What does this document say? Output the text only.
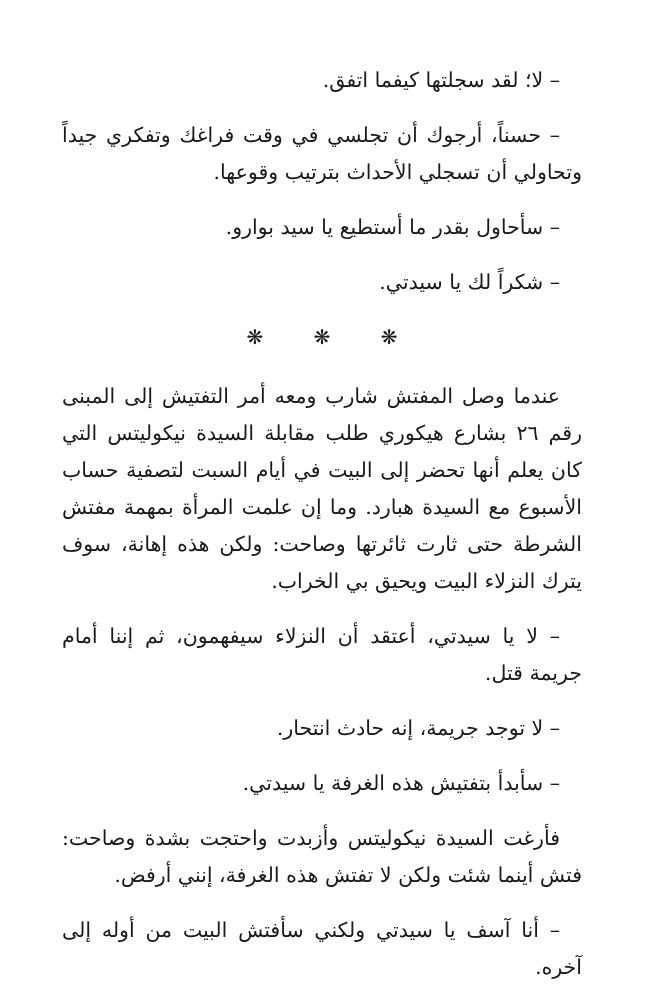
– لا؛ لقد سجلتها كيفما اتفق.

– حسناً، أرجوك أن تجلسي في وقت فراغك وتفكري جيداً وتحاولي أن تسجلي الأحداث بترتيب وقوعها.

– سأحاول بقدر ما أستطيع يا سيد بوارو.

– شكراً لك يا سيدتي.

❋ ❋ ❋

عندما وصل المفتش شارب ومعه أمر التفتيش إلى المبنى رقم ٢٦ بشارع هيكوري طلب مقابلة السيدة نيكوليتس التي كان يعلم أنها تحضر إلى البيت في أيام السبت لتصفية حساب الأسبوع مع السيدة هبارد. وما إن علمت المرأة بمهمة مفتش الشرطة حتى ثارت ثائرتها وصاحت: ولكن هذه إهانة، سوف يترك النزلاء البيت ويحيق بي الخراب.

– لا يا سيدتي، أعتقد أن النزلاء سيفهمون، ثم إننا أمام جريمة قتل.

– لا توجد جريمة، إنه حادث انتحار.

– سأبدأ بتفتيش هذه الغرفة يا سيدتي.

فأرغت السيدة نيكوليتس وأزبدت واحتجت بشدة وصاحت: فتش أينما شئت ولكن لا تفتش هذه الغرفة، إنني أرفض.

– أنا آسف يا سيدتي ولكني سأفتش البيت من أوله إلى آخره.
